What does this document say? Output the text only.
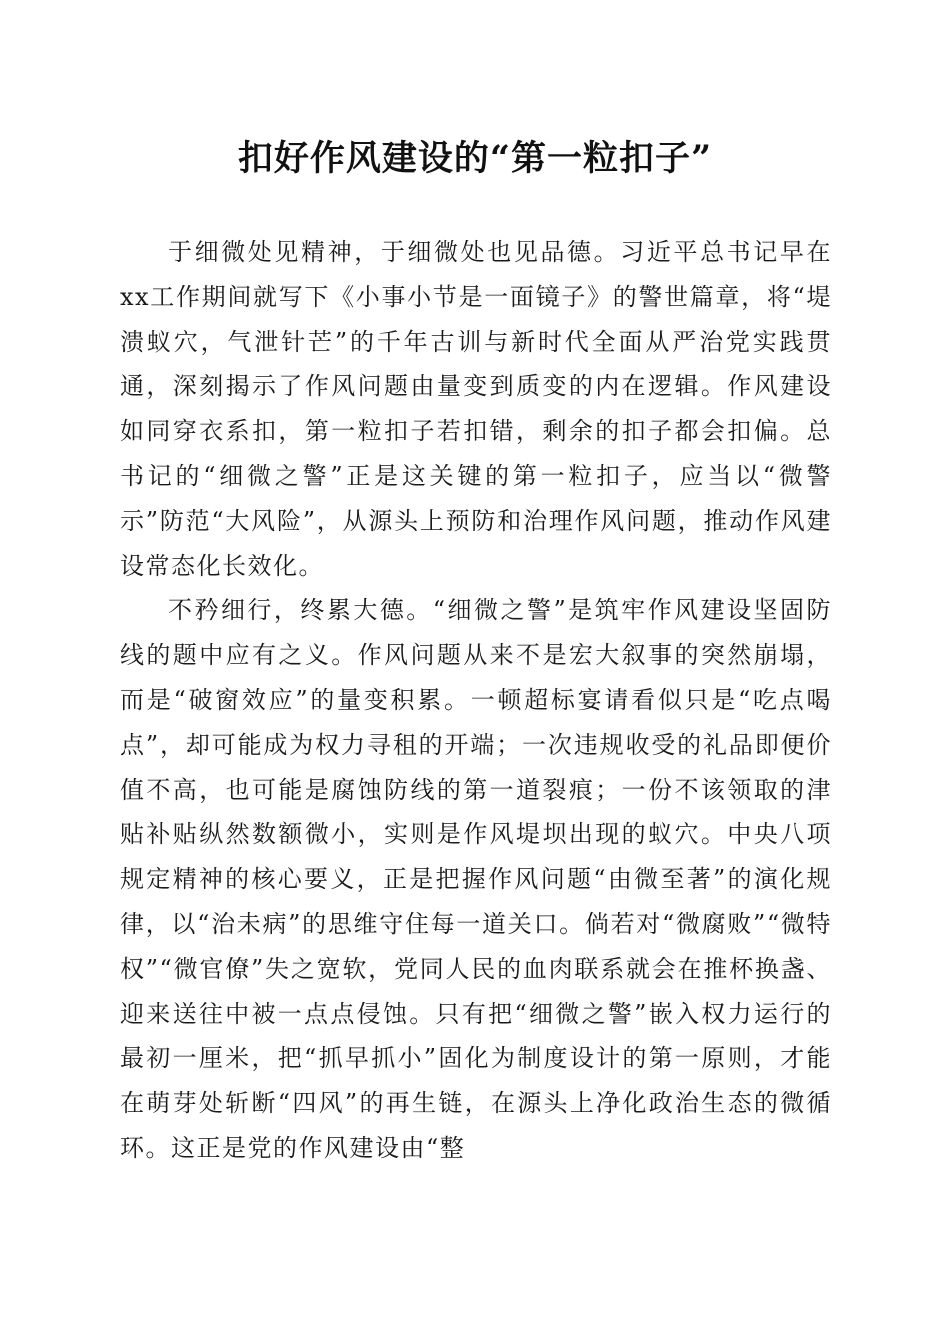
扣好作风建设的“第一粒扣子”

于细微处见精神，于细微处也见品德。习近平总书记早在xx工作期间就写下《小事小节是一面镜子》的警世篇章，将“堤溃蚁穴，气泄针芒”的千年古训与新时代全面从严治党实践贯通，深刻揭示了作风问题由量变到质变的内在逻辑。作风建设如同穿衣系扣，第一粒扣子若扣错，剩余的扣子都会扣偏。总书记的“细微之警”正是这关键的第一粒扣子，应当以“微警示”防范“大风险”，从源头上预防和治理作风问题，推动作风建设常态化长效化。

不矜细行，终累大德。“细微之警”是筑牢作风建设坚固防线的题中应有之义。作风问题从来不是宏大叙事的突然崩塌，而是“破窗效应”的量变积累。一顿超标宴请看似只是“吃点喝点”，却可能成为权力寻租的开端；一次违规收受的礼品即便价值不高，也可能是腐蚀防线的第一道裂痕；一份不该领取的津贴补贴纵然数额微小，实则是作风堤坝出现的蚁穴。中央八项规定精神的核心要义，正是把握作风问题“由微至著”的演化规律，以“治未病”的思维守住每一道关口。倘若对“微腐败”“微特权”“微官僚”失之宽软，党同人民的血肉联系就会在推杯换盏、迎来送往中被一点点侵蚀。只有把“细微之警”嵌入权力运行的最初一厘米，把“抓早抓小”固化为制度设计的第一原则，才能在萌芽处斩断“四风”的再生链，在源头上净化政治生态的微循环。这正是党的作风建设由“整
